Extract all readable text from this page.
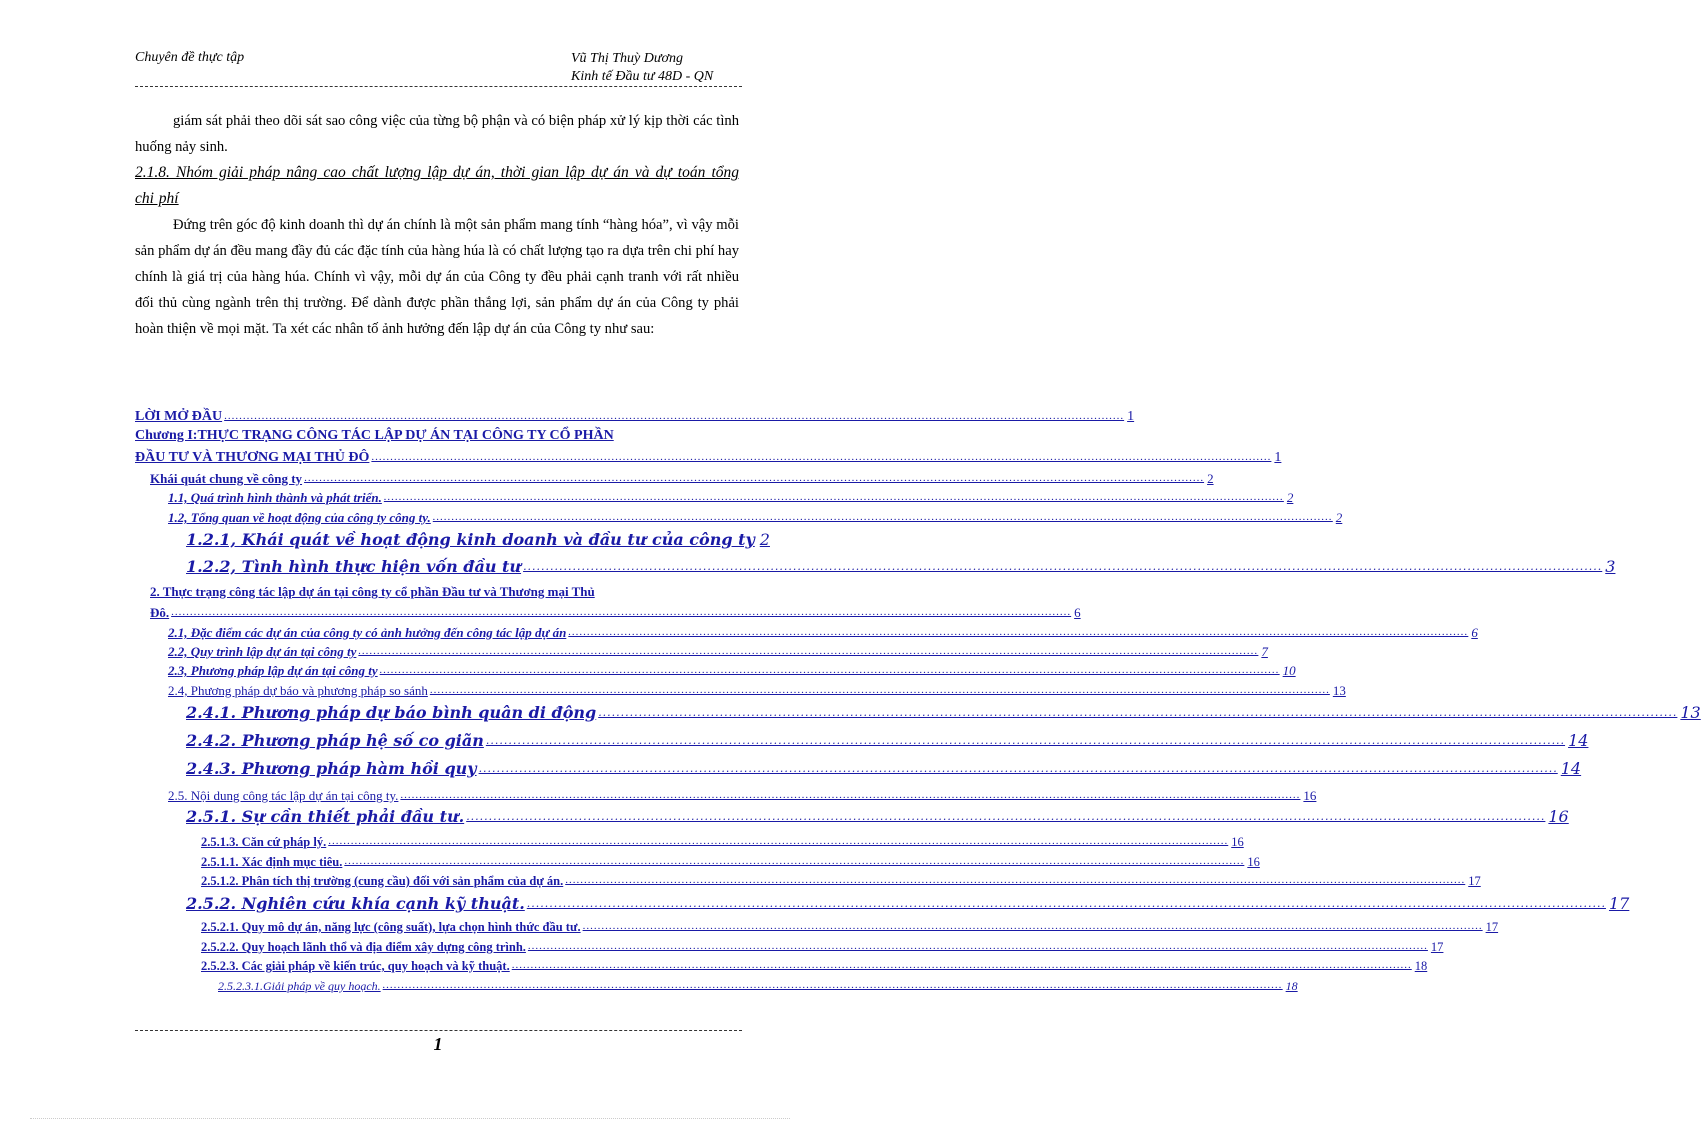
Chuyên đề thực tập	Vũ Thị Thuỳ Dương
Kinh tế Đầu tư 48D - QN

giám sát phải theo dõi sát sao công việc của từng bộ phận và có biện pháp xử lý kịp thời các tình huống nảy sinh.

2.1.8. Nhóm giải pháp nâng cao chất lượng lập dự án, thời gian lập dự án và dự toán tổng chi phí

Đứng trên góc độ kinh doanh thì dự án chính là một sản phẩm mang tính “hàng hóa”, vì vậy mỗi sản phẩm dự án đều mang đầy đủ các đặc tính của hàng húa là có chất lượng tạo ra dựa trên chi phí hay chính là giá trị của hàng húa. Chính vì vậy, mỗi dự án của Công ty đều phải cạnh tranh với rất nhiều đối thủ cùng ngành trên thị trường. Để dành được phần thắng lợi, sản phẩm dự án của Công ty phải hoàn thiện về mọi mặt. Ta xét các nhân tố ảnh hưởng đến lập dự án của Công ty như sau:

LỜI MỞ ĐẦU .....	1
Chương I:THỰC TRẠNG CÔNG TÁC LẬP DỰ ÁN TẠI CÔNG TY CỔ PHẦN
ĐẦU TƯ VÀ THƯƠNG MẠI THỦ ĐÔ .....	1
Khái quát chung về công ty .....	2
1.1, Quá trình hình thành và phát triển. .....	2
1.2, Tổng quan về hoạt động của công ty công ty. .....	2
1.2.1, Khái quát về hoạt động kinh doanh và đầu tư của công ty 2
1.2.2, Tình hình thực hiện vốn đầu tư .....	3
2. Thực trạng công tác lập dự án tại công ty cổ phần Đầu tư và Thương mại Thủ
Đô. .....	6
2.1, Đặc điểm các dự án của công ty có ảnh hưởng đến công tác lập dự án .....	6
2.2, Quy trình lập dự án tại công ty .....	7
2.3, Phương pháp lập dự án tại công ty .....	10
2.4, Phương pháp dự báo và phương pháp so sánh .....	13
2.4.1. Phương pháp dự báo bình quân di động .....	13
2.4.2. Phương pháp hệ số co giãn .....	14
2.4.3. Phương pháp hàm hồi quy .....	14
2.5. Nội dung công tác lập dự án tại công ty. .....	16
2.5.1. Sự cần thiết phải đầu tư. .....	16
2.5.1.3. Căn cứ pháp lý. .....	16
2.5.1.1. Xác định mục tiêu. .....	16
2.5.1.2. Phân tích thị trường (cung cầu) đối với sản phẩm của dự án. .....	17
2.5.2. Nghiên cứu khía cạnh kỹ thuật. .....	17
2.5.2.1. Quy mô dự án, năng lực (công suất), lựa chọn hình thức đầu tư. .....	17
2.5.2.2. Quy hoạch lãnh thổ và địa điểm xây dựng công trình. .....	17
2.5.2.3. Các giải pháp về kiến trúc, quy hoạch và kỹ thuật. .....	18
2.5.2.3.1.Giải pháp về quy hoạch. .....	18
1
